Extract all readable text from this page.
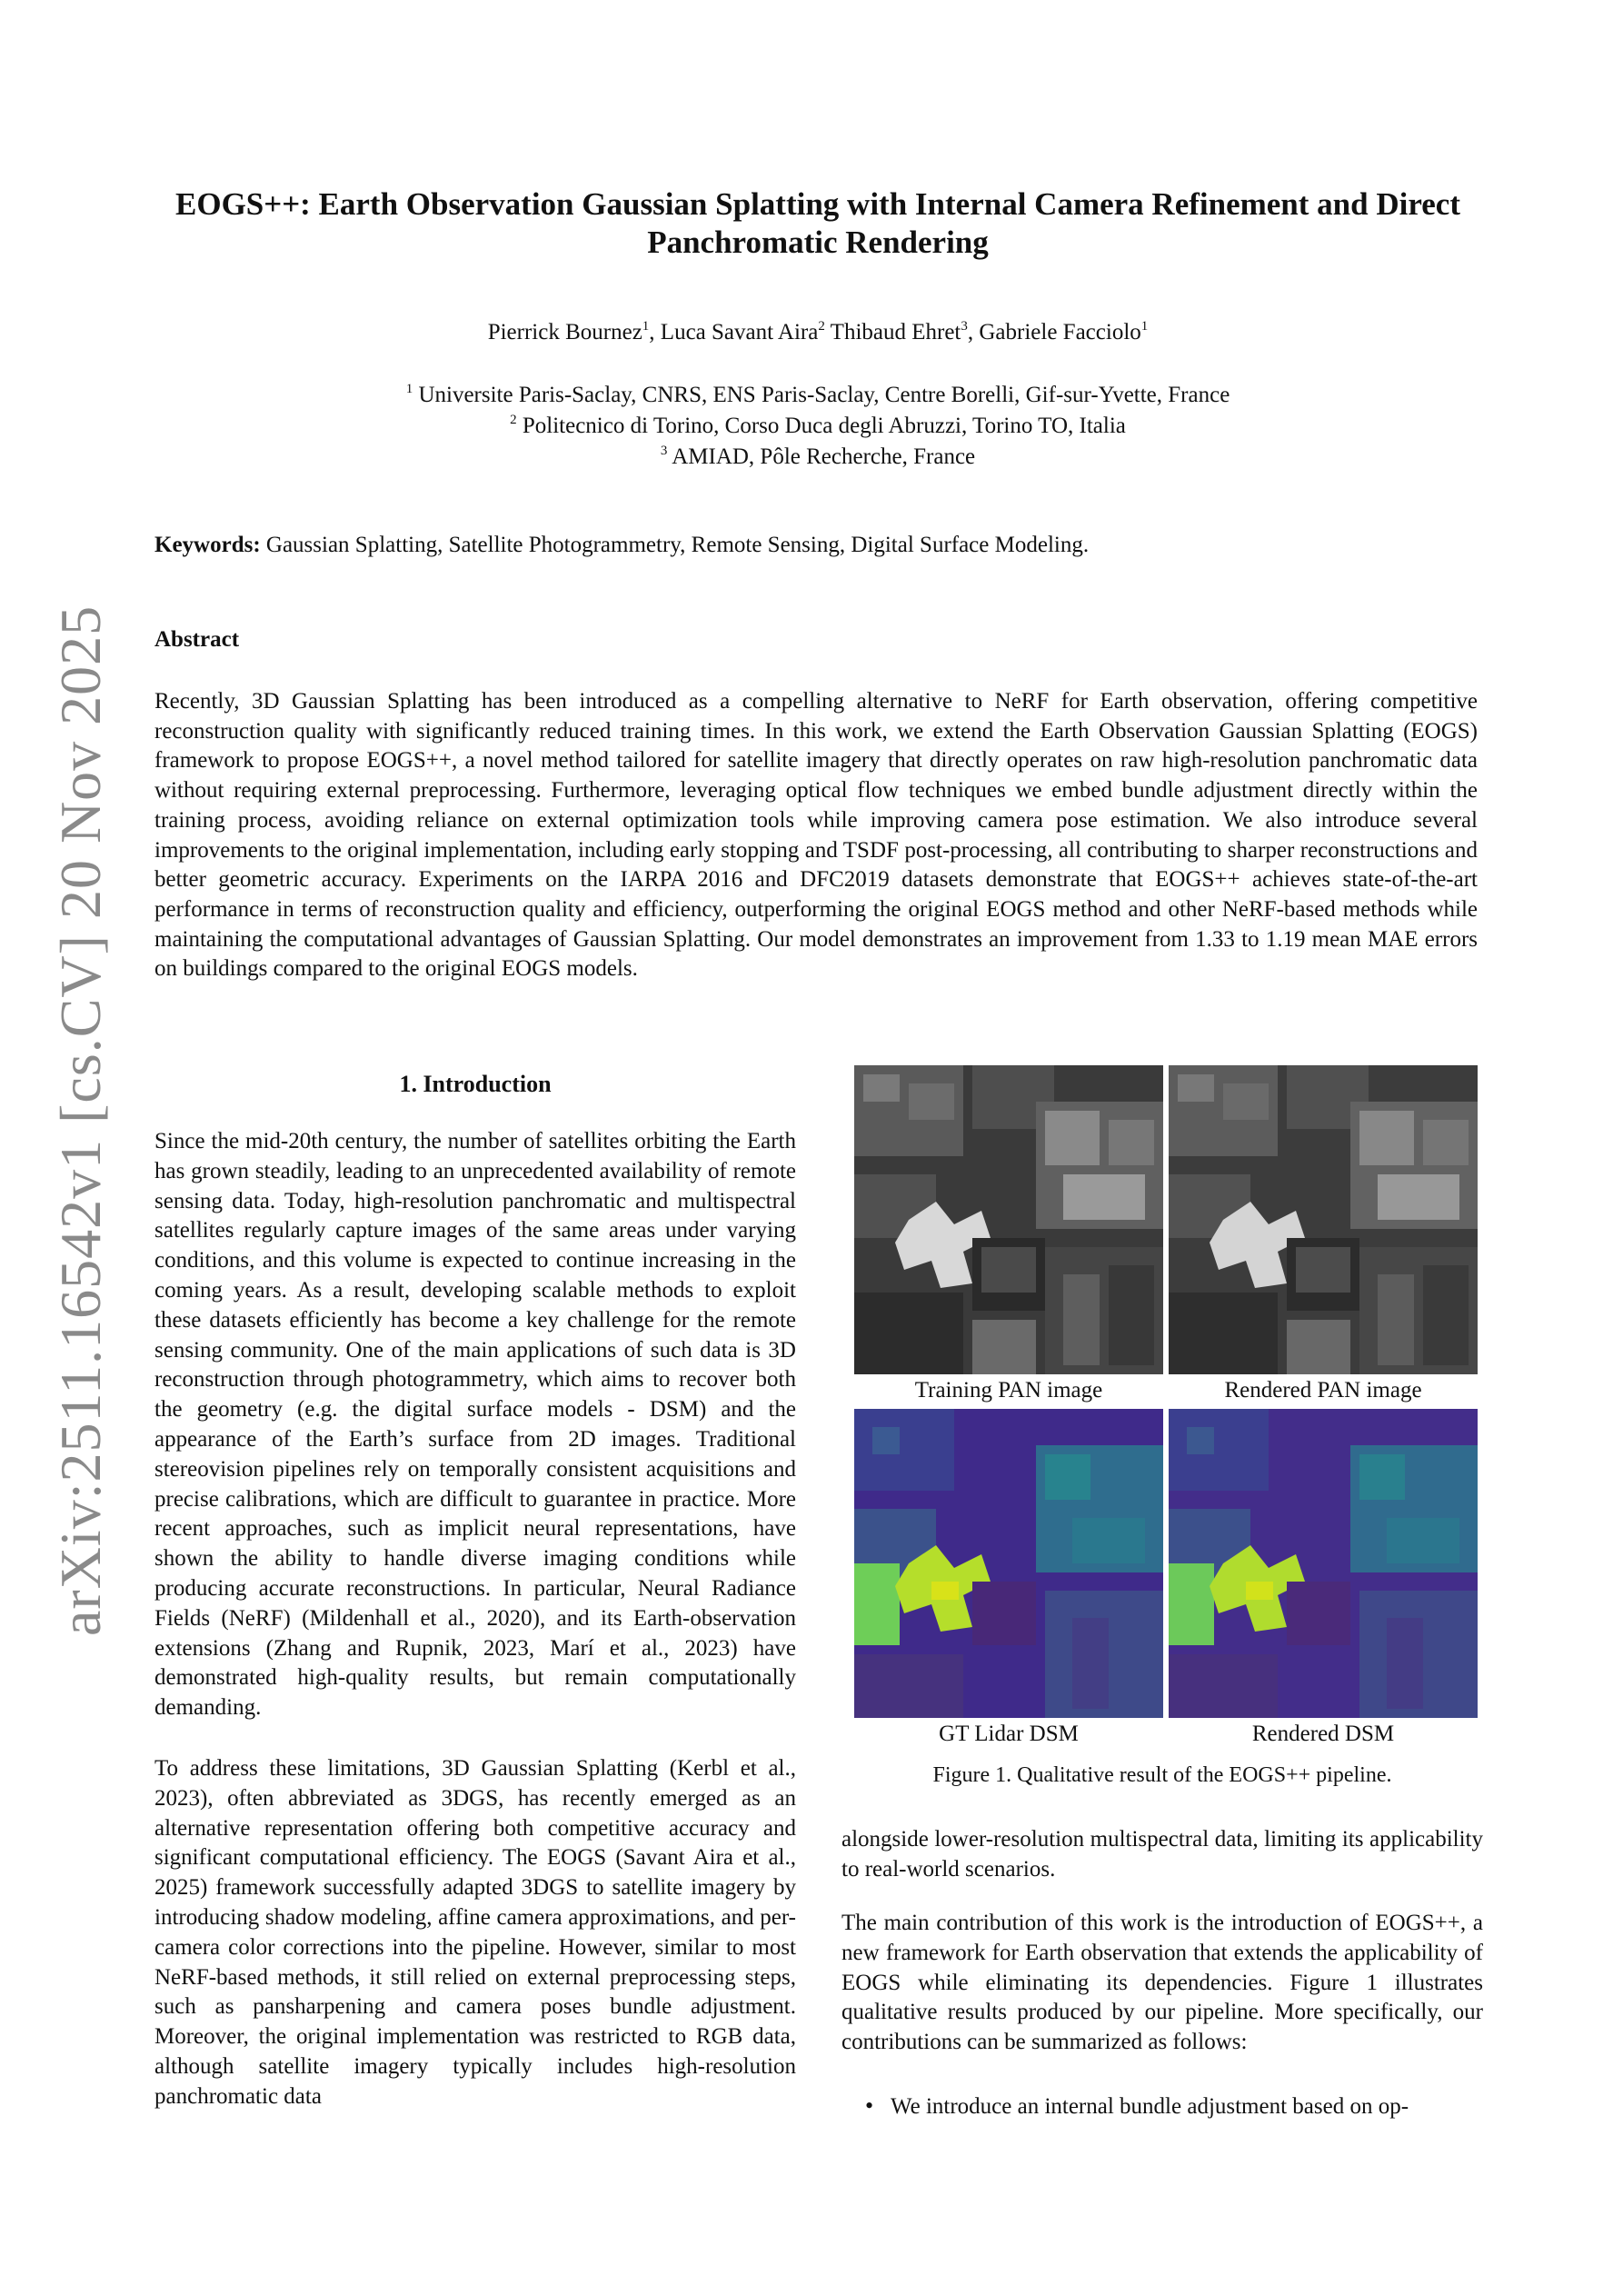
arXiv:2511.16542v1 [cs.CV] 20 Nov 2025
EOGS++: Earth Observation Gaussian Splatting with Internal Camera Refinement and Direct
Panchromatic Rendering
Pierrick Bournez$^1$, Luca Savant Aira$^2$ Thibaud Ehret$^3$, Gabriele Facciolo$^1$
$^1$ Universite Paris-Saclay, CNRS, ENS Paris-Saclay, Centre Borelli, Gif-sur-Yvette, France
$^2$ Politecnico di Torino, Corso Duca degli Abruzzi, Torino TO, Italia
$^3$ AMIAD, Pôle Recherche, France
Keywords: Gaussian Splatting, Satellite Photogrammetry, Remote Sensing, Digital Surface Modeling.
Abstract
Recently, 3D Gaussian Splatting has been introduced as a compelling alternative to NeRF for Earth observation, offering competitive reconstruction quality with significantly reduced training times. In this work, we extend the Earth Observation Gaussian Splatting (EOGS) framework to propose EOGS++, a novel method tailored for satellite imagery that directly operates on raw high-resolution panchromatic data without requiring external preprocessing. Furthermore, leveraging optical flow techniques we embed bundle adjustment directly within the training process, avoiding reliance on external optimization tools while improving camera pose estimation. We also introduce several improvements to the original implementation, including early stopping and TSDF post-processing, all contributing to sharper reconstructions and better geometric accuracy. Experiments on the IARPA 2016 and DFC2019 datasets demonstrate that EOGS++ achieves state-of-the-art performance in terms of reconstruction quality and efficiency, outperforming the original EOGS method and other NeRF-based methods while maintaining the computational advantages of Gaussian Splatting. Our model demonstrates an improvement from 1.33 to 1.19 mean MAE errors on buildings compared to the original EOGS models.
1. Introduction
Since the mid-20th century, the number of satellites orbiting the Earth has grown steadily, leading to an unprecedented availability of remote sensing data. Today, high-resolution panchromatic and multispectral satellites regularly capture images of the same areas under varying conditions, and this volume is expected to continue increasing in the coming years. As a result, developing scalable methods to exploit these datasets efficiently has become a key challenge for the remote sensing community. One of the main applications of such data is 3D reconstruction through photogrammetry, which aims to recover both the geometry (e.g. the digital surface models - DSM) and the appearance of the Earth’s surface from 2D images. Traditional stereovision pipelines rely on temporally consistent acquisitions and precise calibrations, which are difficult to guarantee in practice. More recent approaches, such as implicit neural representations, have shown the ability to handle diverse imaging conditions while producing accurate reconstructions. In particular, Neural Radiance Fields (NeRF) (Mildenhall et al., 2020), and its Earth-observation extensions (Zhang and Rupnik, 2023, Marí et al., 2023) have demonstrated high-quality results, but remain computationally demanding.
To address these limitations, 3D Gaussian Splatting (Kerbl et al., 2023), often abbreviated as 3DGS, has recently emerged as an alternative representation offering both competitive accuracy and significant computational efficiency. The EOGS (Savant Aira et al., 2025) framework successfully adapted 3DGS to satellite imagery by introducing shadow modeling, affine camera approximations, and per-camera color corrections into the pipeline. However, similar to most NeRF-based methods, it still relied on external preprocessing steps, such as pansharpening and camera poses bundle adjustment. Moreover, the original implementation was restricted to RGB data, although satellite imagery typically includes high-resolution panchromatic data
Training PAN image	Rendered PAN image
GT Lidar DSM	Rendered DSM
Figure 1. Qualitative result of the EOGS++ pipeline.
alongside lower-resolution multispectral data, limiting its applicability to real-world scenarios.
The main contribution of this work is the introduction of EOGS++, a new framework for Earth observation that extends the applicability of EOGS while eliminating its dependencies. Figure 1 illustrates qualitative results produced by our pipeline. More specifically, our contributions can be summarized as follows:
• We introduce an internal bundle adjustment based on op-
